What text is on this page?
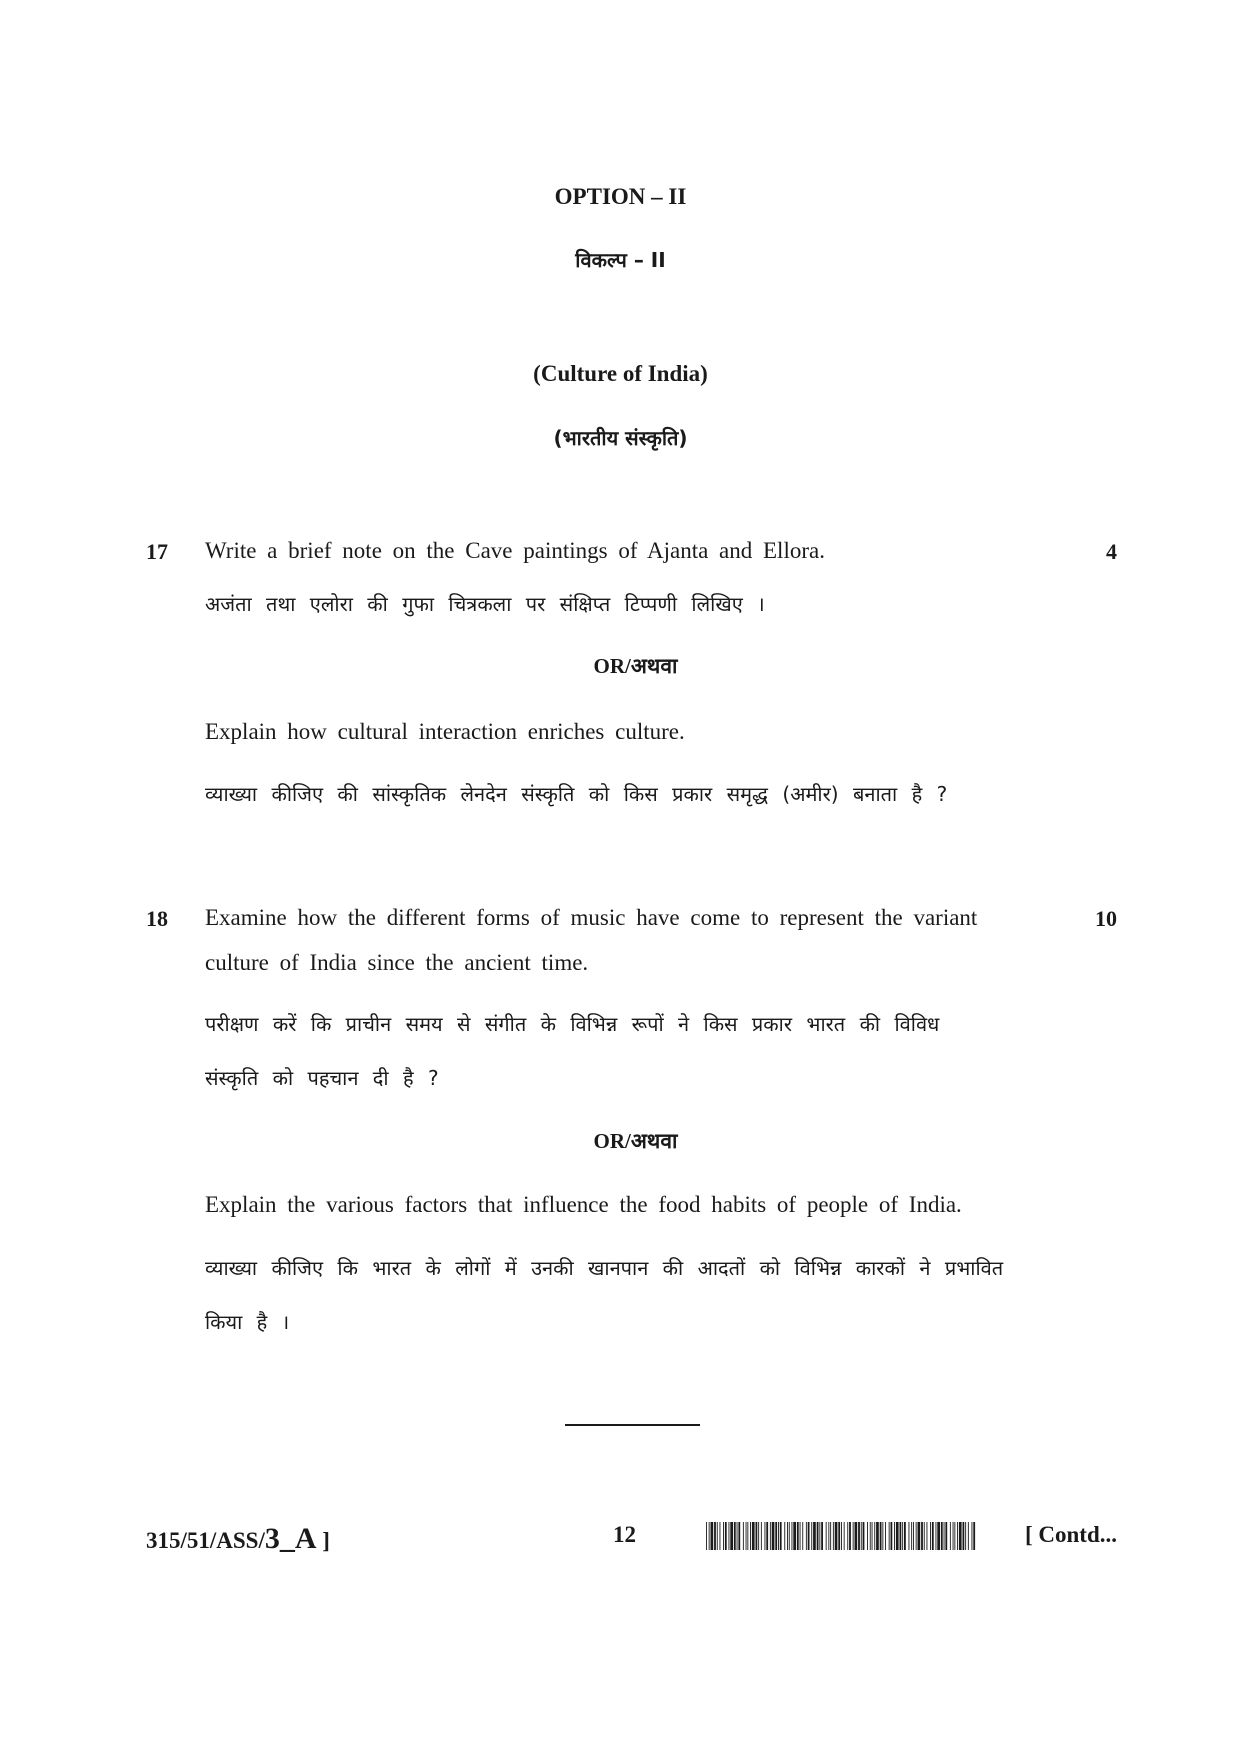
OPTION – II
विकल्प – II
(Culture of India)
(भारतीय संस्कृति)
17	4
Write a brief note on the Cave paintings of Ajanta and Ellora.
अजंता तथा एलोरा की गुफा चित्रकला पर संक्षिप्त टिप्पणी लिखिए ।
OR/अथवा
Explain how cultural interaction enriches culture.
व्याख्या कीजिए की सांस्कृतिक लेनदेन संस्कृति को किस प्रकार समृद्ध (अमीर) बनाता है ?
18	10
Examine how the different forms of music have come to represent the variant
culture of India since the ancient time.
परीक्षण करें कि प्राचीन समय से संगीत के विभिन्न रूपों ने किस प्रकार भारत की विविध
संस्कृति को पहचान दी है ?
OR/अथवा
Explain the various factors that influence the food habits of people of India.
व्याख्या कीजिए कि भारत के लोगों में उनकी खानपान की आदतों को विभिन्न कारकों ने प्रभावित
किया है ।
315/51/ASS/3_A ]	12	[ Contd...
